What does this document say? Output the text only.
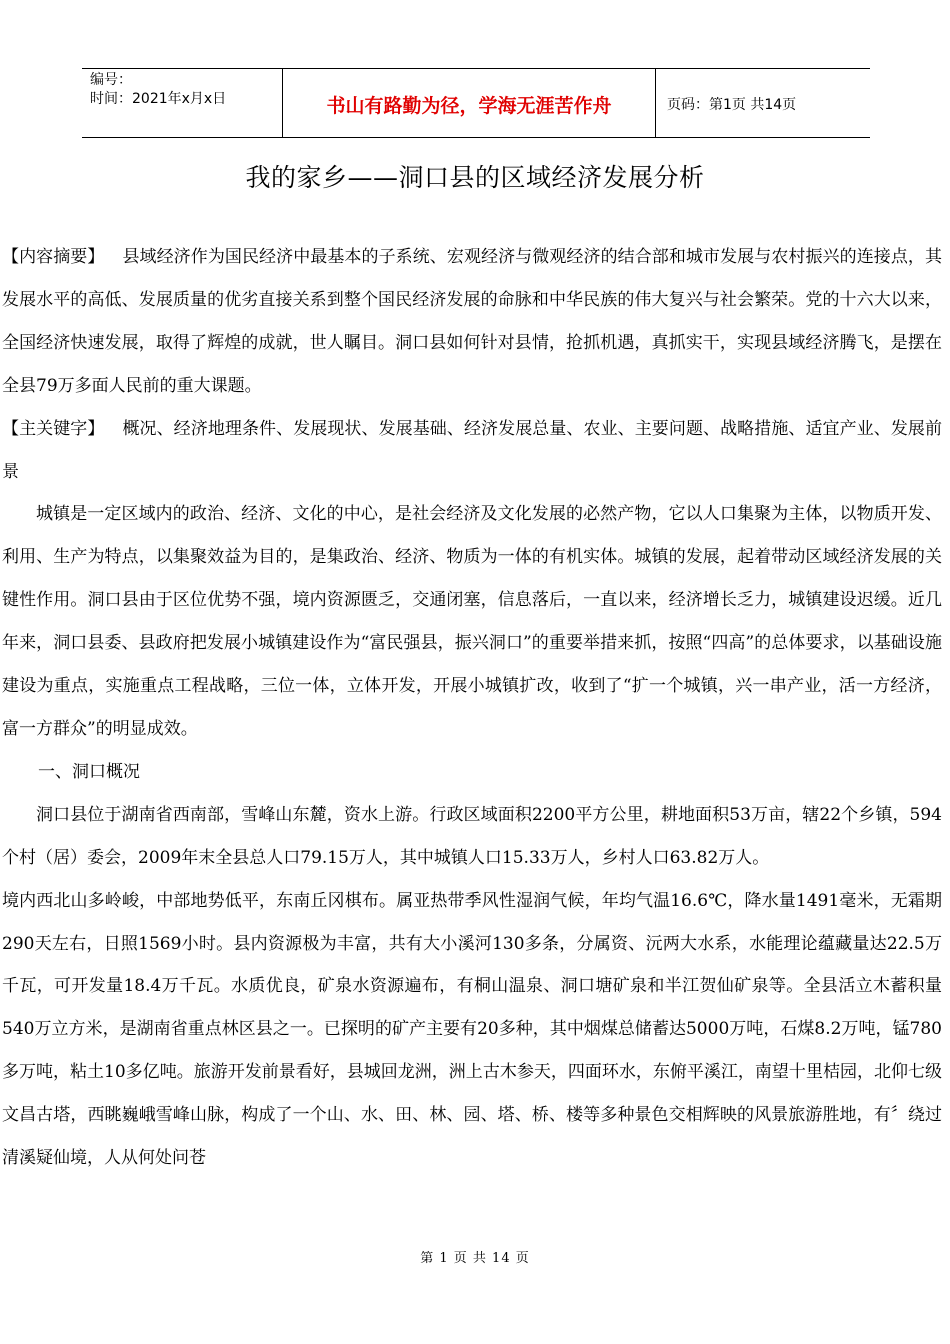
编号：
时间：2021年x月x日	书山有路勤为径，学海无涯苦作舟	页码：第1页 共14页
我的家乡——洞口县的区域经济发展分析

【内容摘要】 县域经济作为国民经济中最基本的子系统、宏观经济与微观经济的结合部和城市发展与农村振兴的连接点，其发展水平的高低、发展质量的优劣直接关系到整个国民经济发展的命脉和中华民族的伟大复兴与社会繁荣。党的十六大以来，全国经济快速发展，取得了辉煌的成就，世人瞩目。洞口县如何针对县情，抢抓机遇，真抓实干，实现县域经济腾飞，是摆在全县79万多面人民前的重大课题。

【主关键字】 概况、经济地理条件、发展现状、发展基础、经济发展总量、农业、主要问题、战略措施、适宜产业、发展前景

城镇是一定区域内的政治、经济、文化的中心，是社会经济及文化发展的必然产物，它以人口集聚为主体，以物质开发、利用、生产为特点，以集聚效益为目的，是集政治、经济、物质为一体的有机实体。城镇的发展，起着带动区域经济发展的关键性作用。洞口县由于区位优势不强，境内资源匮乏，交通闭塞，信息落后，一直以来，经济增长乏力，城镇建设迟缓。近几年来，洞口县委、县政府把发展小城镇建设作为“富民强县，振兴洞口”的重要举措来抓，按照“四高”的总体要求，以基础设施建设为重点，实施重点工程战略，三位一体，立体开发，开展小城镇扩改，收到了“扩一个城镇，兴一串产业，活一方经济，富一方群众”的明显成效。

一、洞口概况

洞口县位于湖南省西南部，雪峰山东麓，资水上游。行政区域面积2200平方公里，耕地面积53万亩，辖22个乡镇，594个村（居）委会，2009年末全县总人口79.15万人，其中城镇人口15.33万人，乡村人口63.82万人。

境内西北山多岭峻，中部地势低平，东南丘冈棋布。属亚热带季风性湿润气候，年均气温16.6℃，降水量1491毫米，无霜期290天左右，日照1569小时。县内资源极为丰富，共有大小溪河130多条，分属资、沅两大水系，水能理论蕴藏量达22.5万千瓦，可开发量18.4万千瓦。水质优良，矿泉水资源遍布，有桐山温泉、洞口塘矿泉和半江贺仙矿泉等。全县活立木蓄积量540万立方米，是湖南省重点林区县之一。已探明的矿产主要有20多种，其中烟煤总储蓄达5000万吨，石煤8.2万吨，锰780多万吨，粘土10多亿吨。旅游开发前景看好，县城回龙洲，洲上古木参天，四面环水，东俯平溪江，南望十里桔园，北仰七级文昌古塔，西眺巍峨雪峰山脉，构成了一个山、水、田、林、园、塔、桥、楼等多种景色交相辉映的风景旅游胜地，有〞绕过清溪疑仙境，人从何处问苍

第 1 页 共 14 页
